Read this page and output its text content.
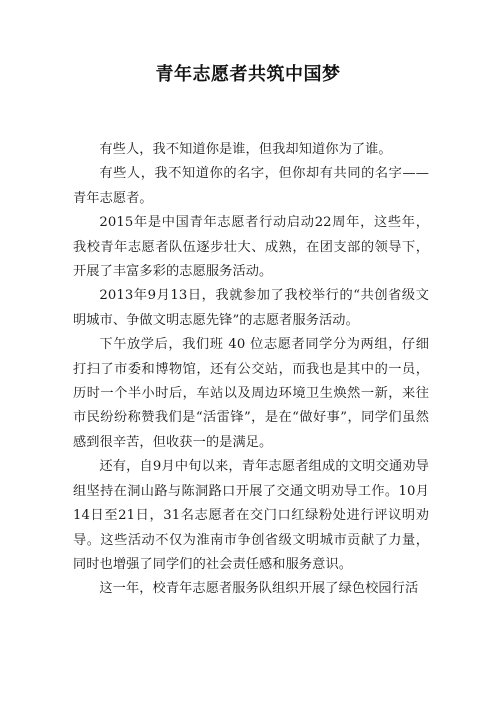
青年志愿者共筑中国梦

有些人，我不知道你是谁，但我却知道你为了谁。

有些人，我不知道你的名字，但你却有共同的名字——青年志愿者。

2015年是中国青年志愿者行动启动22周年，这些年，我校青年志愿者队伍逐步壮大、成熟，在团支部的领导下，开展了丰富多彩的志愿服务活动。

2013年9月13日，我就参加了我校举行的“共创省级文明城市、争做文明志愿先锋”的志愿者服务活动。

下午放学后，我们班 40 位志愿者同学分为两组，仔细打扫了市委和博物馆，还有公交站，而我也是其中的一员，历时一个半小时后，车站以及周边环境卫生焕然一新，来往市民纷纷称赞我们是“活雷锋”，是在“做好事”，同学们虽然感到很辛苦，但收获一的是满足。

还有，自9月中旬以来，青年志愿者组成的文明交通劝导组坚持在洞山路与陈洞路口开展了交通文明劝导工作。10月14日至21日，31名志愿者在交门口红绿粉处进行评议明劝导。这些活动不仅为淮南市争创省级文明城市贡献了力量，同时也增强了同学们的社会责任感和服务意识。

这一年，校青年志愿者服务队组织开展了绿色校园行活
